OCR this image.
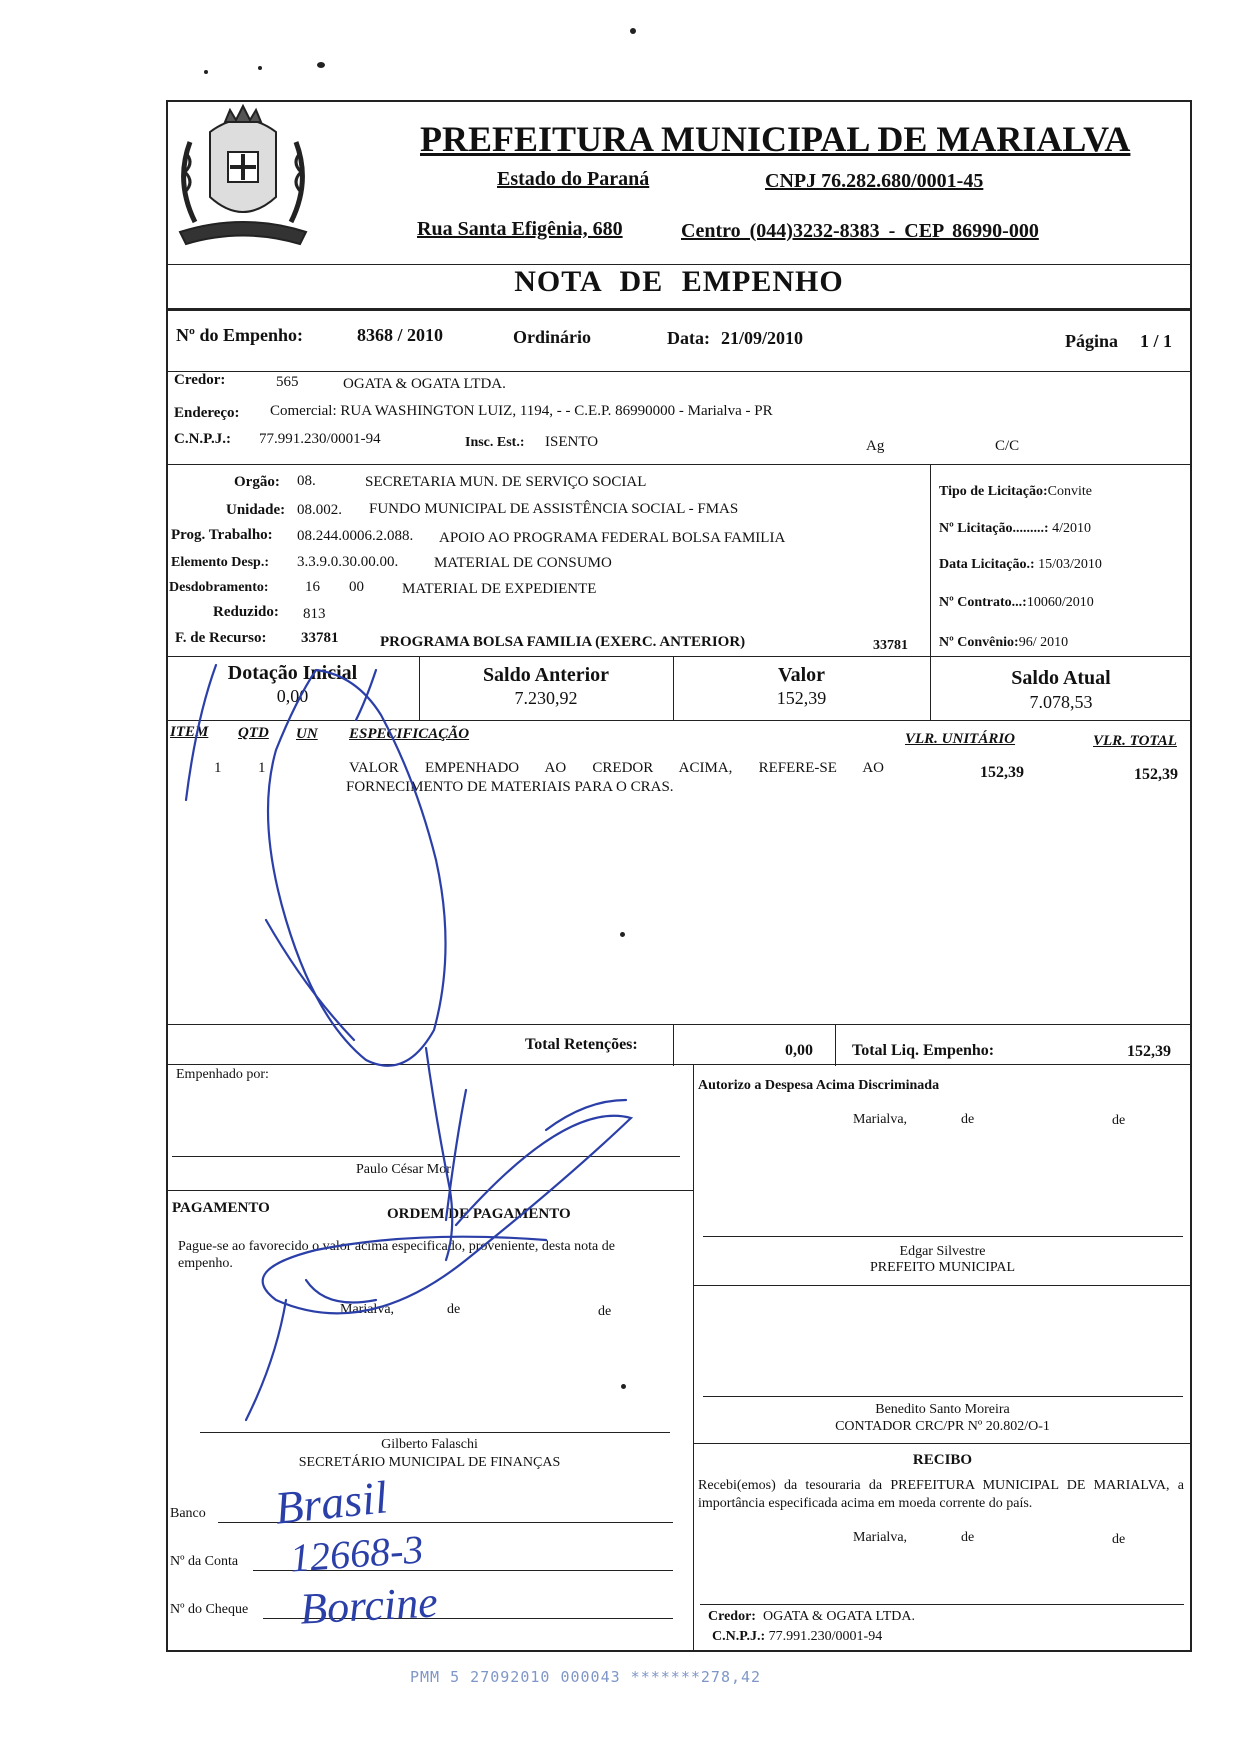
PREFEITURA MUNICIPAL DE MARIALVA
Estado do Paraná	CNPJ 76.282.680/0001-45
Rua Santa Efigênia, 680	Centro (044)3232-8383 - CEP 86990-000
NOTA DE EMPENHO
Nº do Empenho:	8368 / 2010	Ordinário	Data: 21/09/2010	Página 1 / 1
Credor:	565	OGATA & OGATA LTDA.
Endereço: Comercial: RUA WASHINGTON LUIZ, 1194, - - C.E.P. 86990000 - Marialva - PR
C.N.P.J.: 77.991.230/0001-94	Insc. Est.: ISENTO	Ag	C/C
Orgão: 08.	SECRETARIA MUN. DE SERVIÇO SOCIAL
Unidade: 08.002. FUNDO MUNICIPAL DE ASSISTÊNCIA SOCIAL - FMAS
Prog. Trabalho: 08.244.0006.2.088. APOIO AO PROGRAMA FEDERAL BOLSA FAMILIA
Elemento Desp.: 3.3.9.0.30.00.00. MATERIAL DE CONSUMO
Desdobramento: 16 00	MATERIAL DE EXPEDIENTE
Reduzido: 813
F. de Recurso: 33781	PROGRAMA BOLSA FAMILIA (EXERC. ANTERIOR)	33781
Tipo de Licitação:Convite
Nº Licitação.........: 4/2010
Data Licitação.: 15/03/2010
Nº Contrato...:10060/2010
Nº Convênio:96/ 2010
Dotação Inicial
0,00
Saldo Anterior
7.230,92
Valor
152,39
Saldo Atual
7.078,53
ITEM QTD UN ESPECIFICAÇÃO	VLR. UNITÁRIO	VLR. TOTAL
1 1	VALOR EMPENHADO AO CREDOR ACIMA, REFERE-SE AO
FORNECIMENTO DE MATERIAIS PARA O CRAS.
152,39	152,39
Total Retenções:	0,00 Total Liq. Empenho:	152,39
Empenhado por:
Paulo César Mor
Autorizo a Despesa Acima Discriminada
Marialva,	de	de
Edgar Silvestre
PREFEITO MUNICIPAL
Benedito Santo Moreira
CONTADOR CRC/PR Nº 20.802/O-1
PAGAMENTO	ORDEM DE PAGAMENTO
Pague-se ao favorecido o valor acima especificado, proveniente, desta nota de empenho.
Marialva,	de	de
Gilberto Falaschi
SECRETÁRIO MUNICIPAL DE FINANÇAS
Banco
Nº da Conta
Nº do Cheque
Brasil
12668-3
Borcine
RECIBO
Recebi(emos) da tesouraria da PREFEITURA MUNICIPAL DE MARIALVA, a importância especificada acima em moeda corrente do país.
Marialva,	de	de
Credor: OGATA & OGATA LTDA.
C.N.P.J.: 77.991.230/0001-94
PMM 5 27092010 000043 *******278,42
